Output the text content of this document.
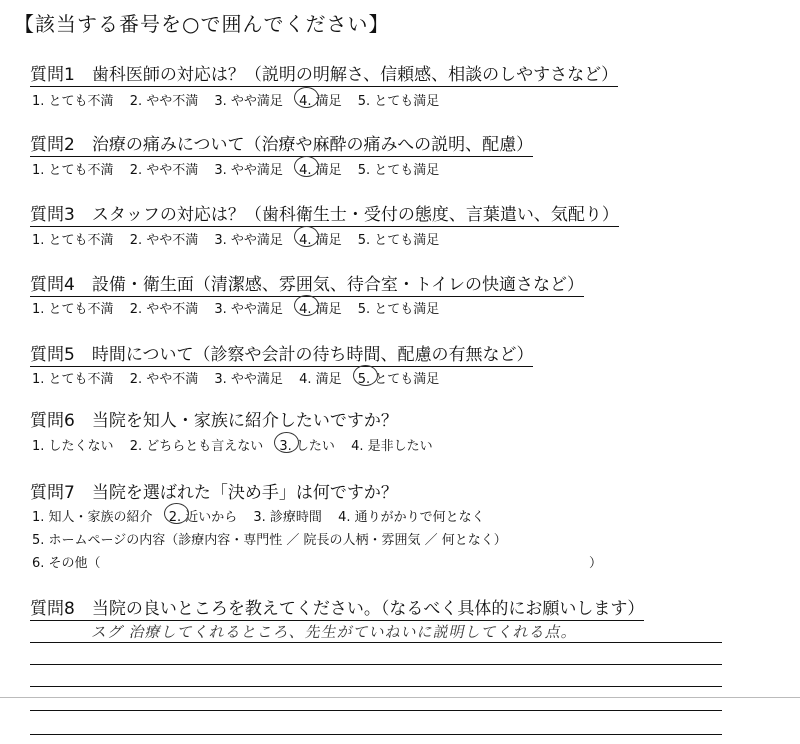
【該当する番号を○で囲んでください】
質問1　歯科医師の対応は？（説明の明解さ、信頼感、相談のしやすさなど）
1. とても不満 2. やや不満 3. やや満足 4. 満足 5. とても満足
質問2　治療の痛みについて（治療や麻酔の痛みへの説明、配慮）
1. とても不満 2. やや不満 3. やや満足 4. 満足 5. とても満足
質問3　スタッフの対応は？（歯科衛生士・受付の態度、言葉遣い、気配り）
1. とても不満 2. やや不満 3. やや満足 4. 満足 5. とても満足
質問4　設備・衛生面（清潔感、雰囲気、待合室・トイレの快適さなど）
1. とても不満 2. やや不満 3. やや満足 4. 満足 5. とても満足
質問5　時間について（診察や会計の待ち時間、配慮の有無など）
1. とても不満 2. やや不満 3. やや満足 4. 満足 5. とても満足
質問6　当院を知人・家族に紹介したいですか？
1. したくない 2. どちらとも言えない 3. したい 4. 是非したい
質問7　当院を選ばれた「決め手」は何ですか？
1. 知人・家族の紹介 2. 近いから 3. 診療時間 4. 通りがかりで何となく
5. ホームページの内容（診療内容・専門性 ／ 院長の人柄・雰囲気 ／ 何となく）
6. その他（	）
質問8　当院の良いところを教えてください。（なるべく具体的にお願いします）
スグ 治療してくれるところ、先生がていねいに説明してくれる点。
